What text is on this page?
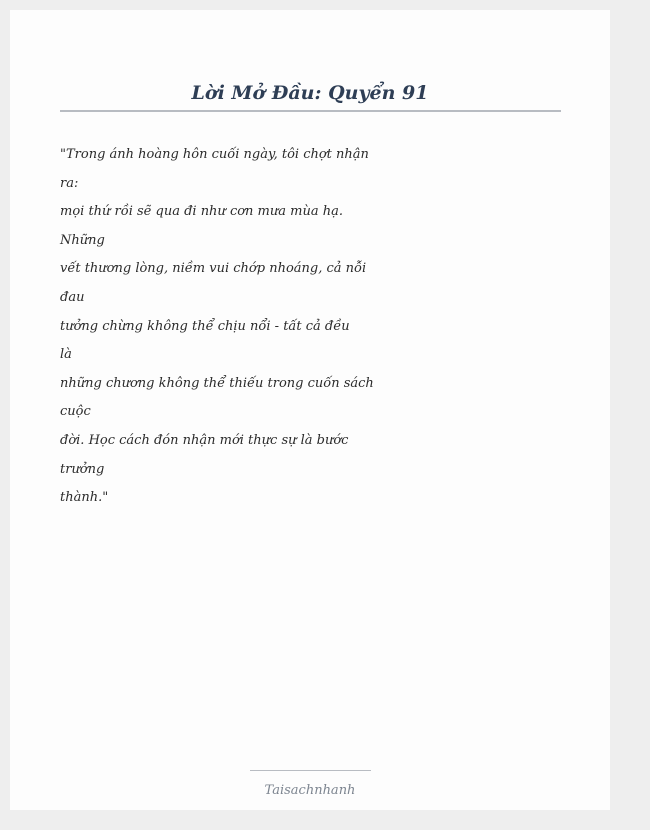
Lời Mở Đầu: Quyển 91
"Trong ánh hoàng hôn cuối ngày, tôi chợt nhận
ra:
mọi thứ rồi sẽ qua đi như cơn mưa mùa hạ.
Những
vết thương lòng, niềm vui chớp nhoáng, cả nỗi
đau
tưởng chừng không thể chịu nổi - tất cả đều
là
những chương không thể thiếu trong cuốn sách
cuộc
đời. Học cách đón nhận mới thực sự là bước
trưởng
thành."
Taisachnhanh
